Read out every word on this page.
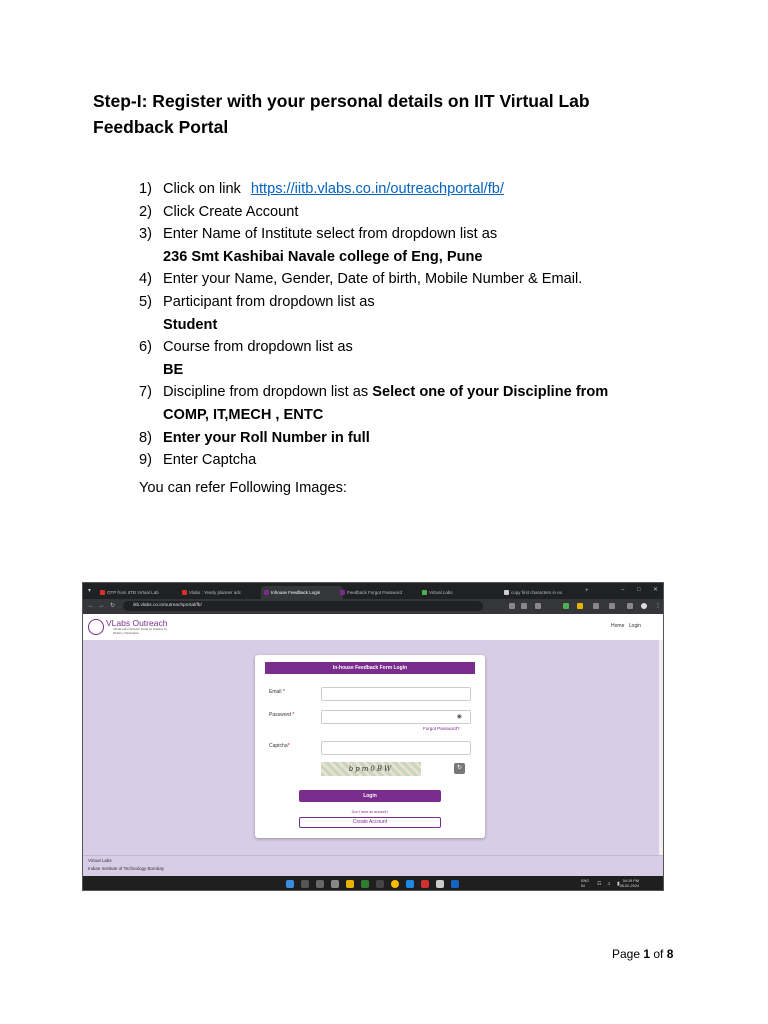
Step-I: Register with your personal details on IIT Virtual Lab Feedback Portal
1) Click on link https://iitb.vlabs.co.in/outreachportal/fb/
2) Click Create Account
3) Enter Name of Institute select from dropdown list as
236 Smt Kashibai Navale college of Eng, Pune
4) Enter your Name, Gender, Date of birth, Mobile Number & Email.
5) Participant from dropdown list as
Student
6) Course from dropdown list as
BE
7) Discipline from dropdown list as Select one of your Discipline from
COMP, IT,MECH , ENTC
8) Enter your Roll Number in full
9) Enter Captcha
You can refer Following Images:
▾	OTP from IITB Virtual Lab	Vlabs : Yearly planner adc	Inhouse Feedback Login	Feedback Forgot Password	Virtual Labs	copy first characters in ex	+	– □ ✕
← → ↻	iitb.vlabs.co.in/outreachportal/fb/	⋮
VLabs Outreach
Virtual Labs Outreach Portal An Initiative by Ministry of Education
Home Login
In-house Feedback Form Login
Email *
Password *	◉
Forgot Password?
Captcha*
bpm0BW	↻
Login
Don't have an account?
Create Account
Virtual Labs
Indian Institute of Technology Bombay
ENG
IN	☶ ♫ ▮ 04:19 PM
28-02-2024
Page 1 of 8
